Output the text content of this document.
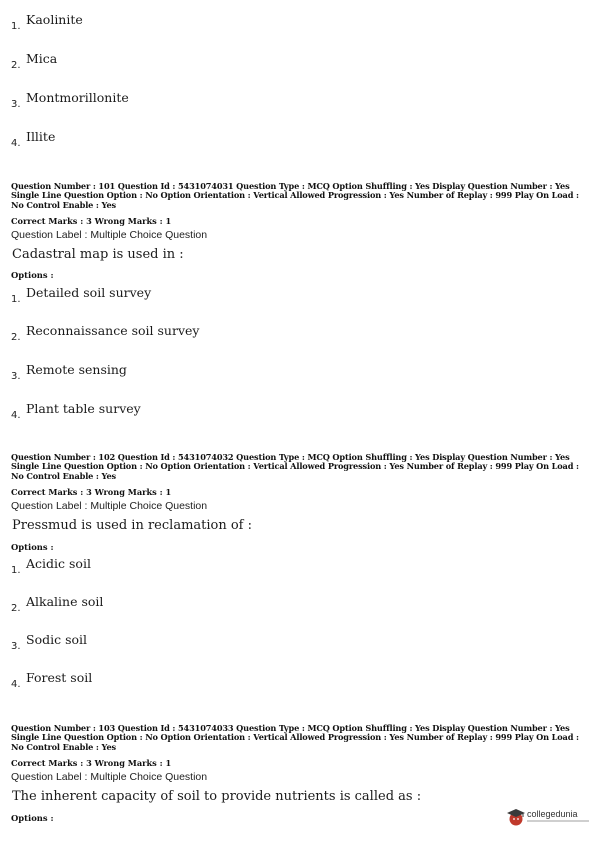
1. Kaolinite
2. Mica
3. Montmorillonite
4. Illite
Question Number : 101 Question Id : 5431074031 Question Type : MCQ Option Shuffling : Yes Display Question Number : Yes
Single Line Question Option : No Option Orientation : Vertical Allowed Progression : Yes Number of Replay : 999 Play On Load :
No Control Enable : Yes
Correct Marks : 3 Wrong Marks : 1
Question Label : Multiple Choice Question
Cadastral map is used in :
Options :
1. Detailed soil survey
2. Reconnaissance soil survey
3. Remote sensing
4. Plant table survey
Question Number : 102 Question Id : 5431074032 Question Type : MCQ Option Shuffling : Yes Display Question Number : Yes
Single Line Question Option : No Option Orientation : Vertical Allowed Progression : Yes Number of Replay : 999 Play On Load :
No Control Enable : Yes
Correct Marks : 3 Wrong Marks : 1
Question Label : Multiple Choice Question
Pressmud is used in reclamation of :
Options :
1. Acidic soil
2. Alkaline soil
3. Sodic soil
4. Forest soil
Question Number : 103 Question Id : 5431074033 Question Type : MCQ Option Shuffling : Yes Display Question Number : Yes
Single Line Question Option : No Option Orientation : Vertical Allowed Progression : Yes Number of Replay : 999 Play On Load :
No Control Enable : Yes
Correct Marks : 3 Wrong Marks : 1
Question Label : Multiple Choice Question
The inherent capacity of soil to provide nutrients is called as :
Options :	collegedunia
